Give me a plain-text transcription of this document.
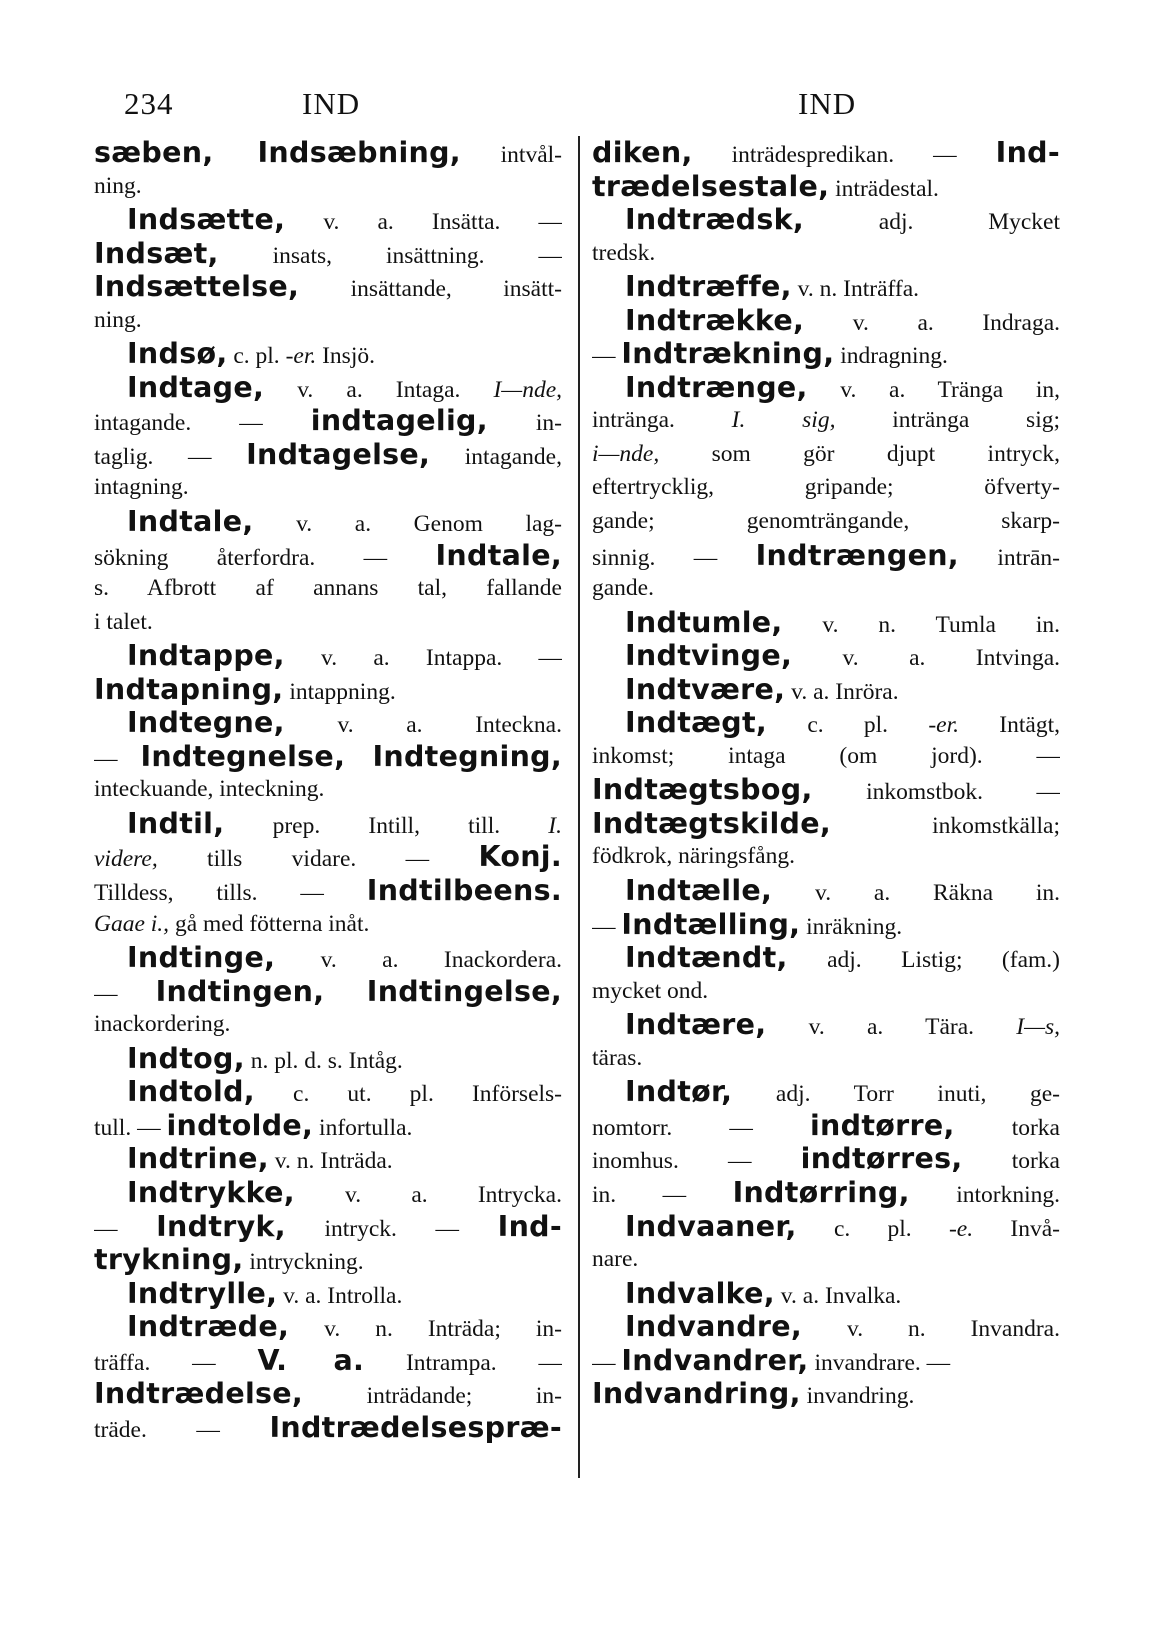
234	IND	IND
sæben, Indsæbning, intvål-
ning.
Indsætte, v. a. Insätta. —
Indsæt, insats, insättning. —
Indsættelse, insättande, insätt-
ning.
Indsø, c. pl. -er. Insjö.
Indtage, v. a. Intaga. I—nde,
intagande. — indtagelig, in-
taglig. — Indtagelse, intagande,
intagning.
Indtale, v. a. Genom lag-
sökning återfordra. — Indtale,
s. Afbrott af annans tal, fallande
i talet.
Indtappe, v. a. Intappa. —
Indtapning, intappning.
Indtegne, v. a. Inteckna.
— Indtegnelse, Indtegning,
inteckuande, inteckning.
Indtil, prep. Intill, till. I.
videre, tills vidare. — Konj.
Tilldess, tills. — Indtilbeens.
Gaae i., gå med fötterna inåt.
Indtinge, v. a. Inackordera.
— Indtingen, Indtingelse,
inackordering.
Indtog, n. pl. d. s. Intåg.
Indtold, c. ut. pl. Införsels-
tull. — indtolde, infortulla.
Indtrine, v. n. Inträda.
Indtrykke, v. a. Intrycka.
— Indtryk, intryck. — Ind-
trykning, intryckning.
Indtrylle, v. a. Introlla.
Indtræde, v. n. Inträda; in-
träffa. — V. a. Intrampa. —
Indtrædelse, inträdande; in-
träde. — Indtrædelsespræ-
diken, inträdespredikan. — Ind-
trædelsestale, inträdestal.
Indtrædsk, adj. Mycket
tredsk.
Indtræffe, v. n. Inträffa.
Indtrække, v. a. Indraga.
— Indtrækning, indragning.
Indtrænge, v. a. Tränga in,
intränga. I. sig, intränga sig;
i—nde, som gör djupt intryck,
eftertrycklig, gripande; öfverty-
gande; genomträngande, skarp-
sinnig. — Indtrængen, intrān-
gande.
Indtumle, v. n. Tumla in.
Indtvinge, v. a. Intvinga.
Indtvære, v. a. Inröra.
Indtægt, c. pl. -er. Intägt,
inkomst; intaga (om jord). —
Indtægtsbog, inkomstbok. —
Indtægtskilde, inkomstkälla;
födkrok, näringsfång.
Indtælle, v. a. Räkna in.
— Indtælling, inräkning.
Indtændt, adj. Listig; (fam.)
mycket ond.
Indtære, v. a. Tära. I—s,
täras.
Indtør, adj. Torr inuti, ge-
nomtorr. — indtørre, torka
inomhus. — indtørres, torka
in. — Indtørring, intorkning.
Indvaaner, c. pl. -e. Invå-
nare.
Indvalke, v. a. Invalka.
Indvandre, v. n. Invandra.
— Indvandrer, invandrare. —
Indvandring, invandring.
